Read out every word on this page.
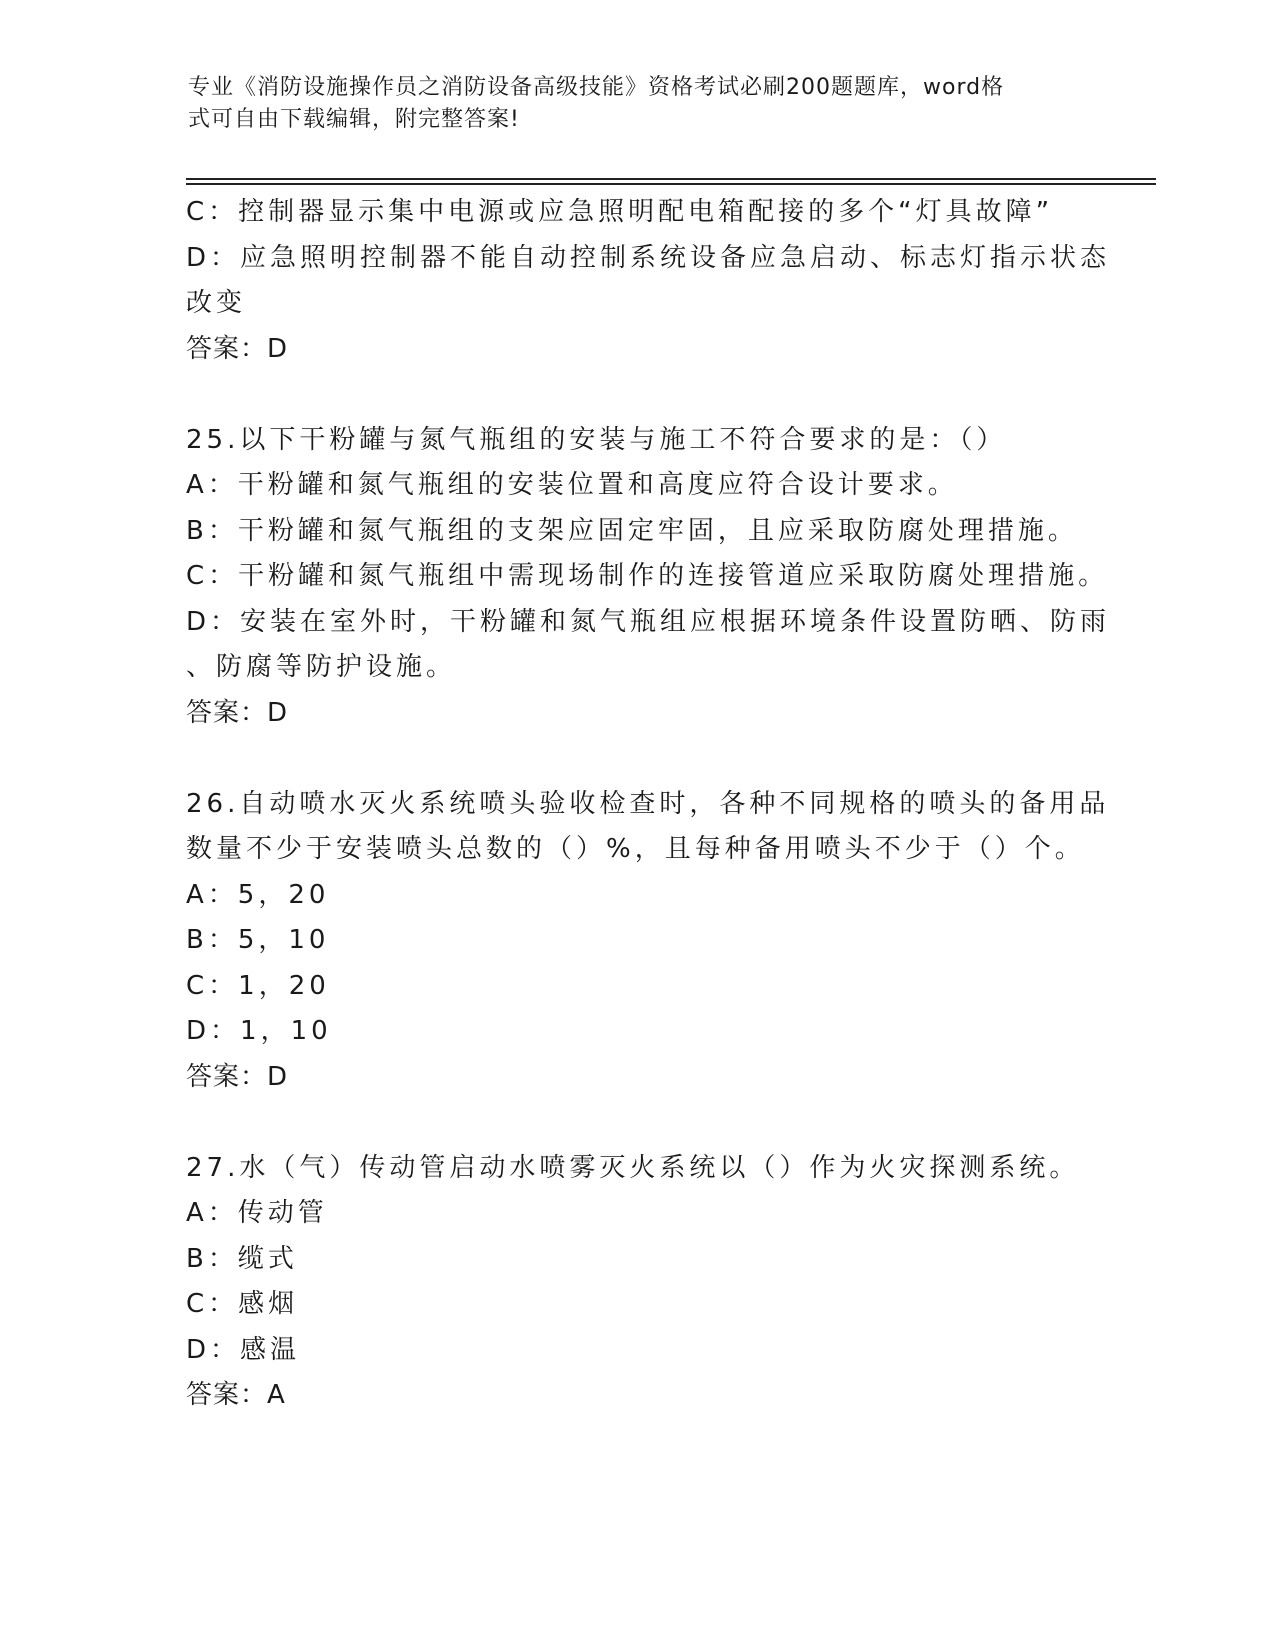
专业《消防设施操作员之消防设备高级技能》资格考试必刷200题题库，word格
式可自由下载编辑，附完整答案!
C：控制器显示集中电源或应急照明配电箱配接的多个“灯具故障”
D：应急照明控制器不能自动控制系统设备应急启动、标志灯指示状态
改变
答案：D
25.以下干粉罐与氮气瓶组的安装与施工不符合要求的是：（）
A：干粉罐和氮气瓶组的安装位置和高度应符合设计要求。
B：干粉罐和氮气瓶组的支架应固定牢固，且应采取防腐处理措施。
C：干粉罐和氮气瓶组中需现场制作的连接管道应采取防腐处理措施。
D：安装在室外时，干粉罐和氮气瓶组应根据环境条件设置防晒、防雨
、防腐等防护设施。
答案：D
26.自动喷水灭火系统喷头验收检查时，各种不同规格的喷头的备用品
数量不少于安装喷头总数的（）%，且每种备用喷头不少于（）个。
A：5，20
B：5，10
C：1，20
D：1，10
答案：D
27.水（气）传动管启动水喷雾灭火系统以（）作为火灾探测系统。
A：传动管
B：缆式
C：感烟
D：感温
答案：A
